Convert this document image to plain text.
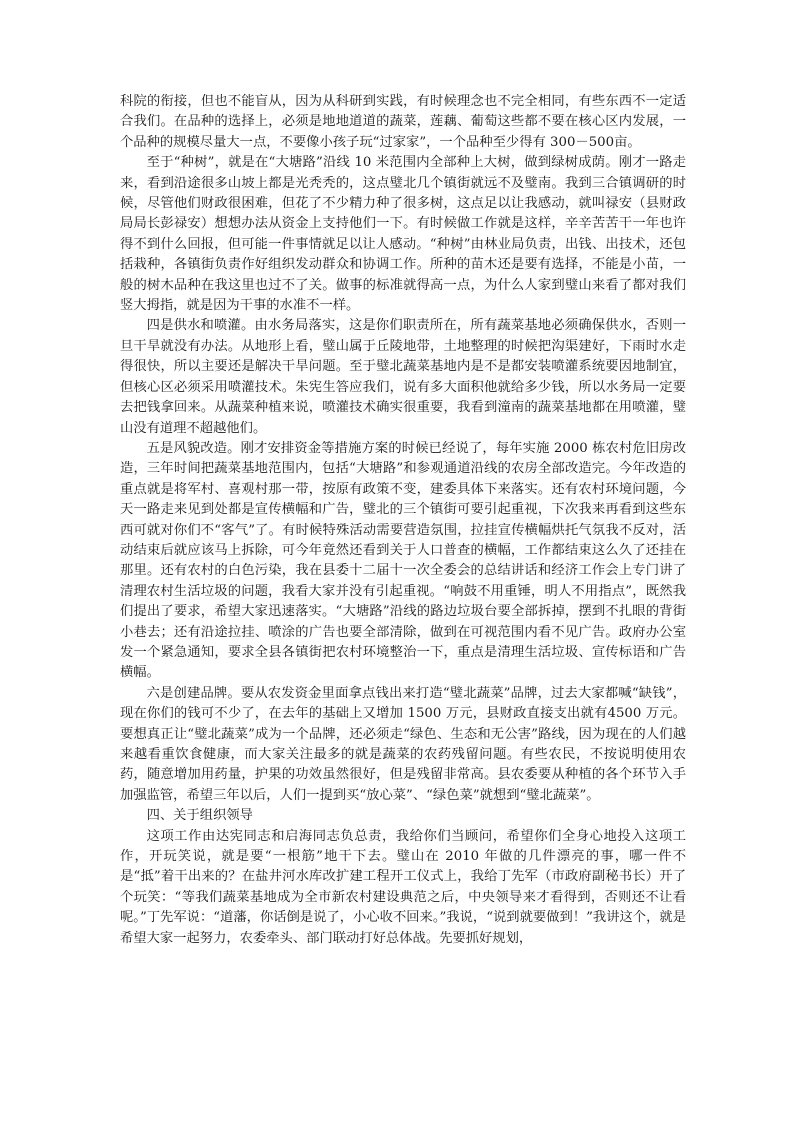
科院的衔接，但也不能盲从，因为从科研到实践，有时候理念也不完全相同，有些东西不一定适合我们。在品种的选择上，必须是地地道道的蔬菜，莲藕、葡萄这些都不要在核心区内发展，一个品种的规模尽量大一点，不要像小孩子玩“过家家”，一个品种至少得有 300－500亩。

至于“种树”，就是在“大塘路”沿线 10 米范围内全部种上大树，做到绿树成荫。刚才一路走来，看到沿途很多山坡上都是光秃秃的，这点璧北几个镇街就远不及璧南。我到三合镇调研的时候，尽管他们财政很困难，但花了不少精力种了很多树，这点足以让我感动，就叫禄安（县财政局局长彭禄安）想想办法从资金上支持他们一下。有时候做工作就是这样，辛辛苦苦干一年也许得不到什么回报，但可能一件事情就足以让人感动。“种树”由林业局负责，出钱、出技术，还包括栽种，各镇街负责作好组织发动群众和协调工作。所种的苗木还是要有选择，不能是小苗，一般的树木品种在我这里也过不了关。做事的标准就得高一点，为什么人家到璧山来看了都对我们竖大拇指，就是因为干事的水准不一样。

四是供水和喷灌。由水务局落实，这是你们职责所在，所有蔬菜基地必须确保供水，否则一旦干旱就没有办法。从地形上看，璧山属于丘陵地带，土地整理的时候把沟渠建好，下雨时水走得很快，所以主要还是解决干旱问题。至于璧北蔬菜基地内是不是都安装喷灌系统要因地制宜，但核心区必须采用喷灌技术。朱宪生答应我们，说有多大面积他就给多少钱，所以水务局一定要去把钱拿回来。从蔬菜种植来说，喷灌技术确实很重要，我看到潼南的蔬菜基地都在用喷灌，璧山没有道理不超越他们。

五是风貌改造。刚才安排资金等措施方案的时候已经说了，每年实施 2000 栋农村危旧房改造，三年时间把蔬菜基地范围内，包括“大塘路”和参观通道沿线的农房全部改造完。今年改造的重点就是将军村、喜观村那一带，按原有政策不变，建委具体下来落实。还有农村环境问题，今天一路走来见到处都是宣传横幅和广告，璧北的三个镇街可要引起重视，下次我来再看到这些东西可就对你们不“客气”了。有时候特殊活动需要营造氛围，拉挂宣传横幅烘托气氛我不反对，活动结束后就应该马上拆除，可今年竟然还看到关于人口普查的横幅，工作都结束这么久了还挂在那里。还有农村的白色污染，我在县委十二届十一次全委会的总结讲话和经济工作会上专门讲了清理农村生活垃圾的问题，我看大家并没有引起重视。“响鼓不用重锤，明人不用指点”，既然我们提出了要求，希望大家迅速落实。“大塘路”沿线的路边垃圾台要全部拆掉，摆到不扎眼的背街小巷去；还有沿途拉挂、喷涂的广告也要全部清除，做到在可视范围内看不见广告。政府办公室发一个紧急通知，要求全县各镇街把农村环境整治一下，重点是清理生活垃圾、宣传标语和广告横幅。

六是创建品牌。要从农发资金里面拿点钱出来打造“璧北蔬菜”品牌，过去大家都喊“缺钱”，现在你们的钱可不少了，在去年的基础上又增加 1500 万元，县财政直接支出就有4500 万元。要想真正让“璧北蔬菜”成为一个品牌，还必须走“绿色、生态和无公害”路线，因为现在的人们越来越看重饮食健康，而大家关注最多的就是蔬菜的农药残留问题。有些农民，不按说明使用农药，随意增加用药量，护果的功效虽然很好，但是残留非常高。县农委要从种植的各个环节入手加强监管，希望三年以后，人们一提到买“放心菜”、“绿色菜”就想到“璧北蔬菜”。

四、关于组织领导

这项工作由达宪同志和启海同志负总责，我给你们当顾问，希望你们全身心地投入这项工作，开玩笑说，就是要“一根筋”地干下去。璧山在 2010 年做的几件漂亮的事，哪一件不是“抵”着干出来的？在盐井河水库改扩建工程开工仪式上，我给丁先军（市政府副秘书长）开了个玩笑：“等我们蔬菜基地成为全市新农村建设典范之后，中央领导来才看得到，否则还不让看呢。”丁先军说：“道藩，你话倒是说了，小心收不回来。”我说，“说到就要做到！”我讲这个，就是希望大家一起努力，农委牵头、部门联动打好总体战。先要抓好规划，
